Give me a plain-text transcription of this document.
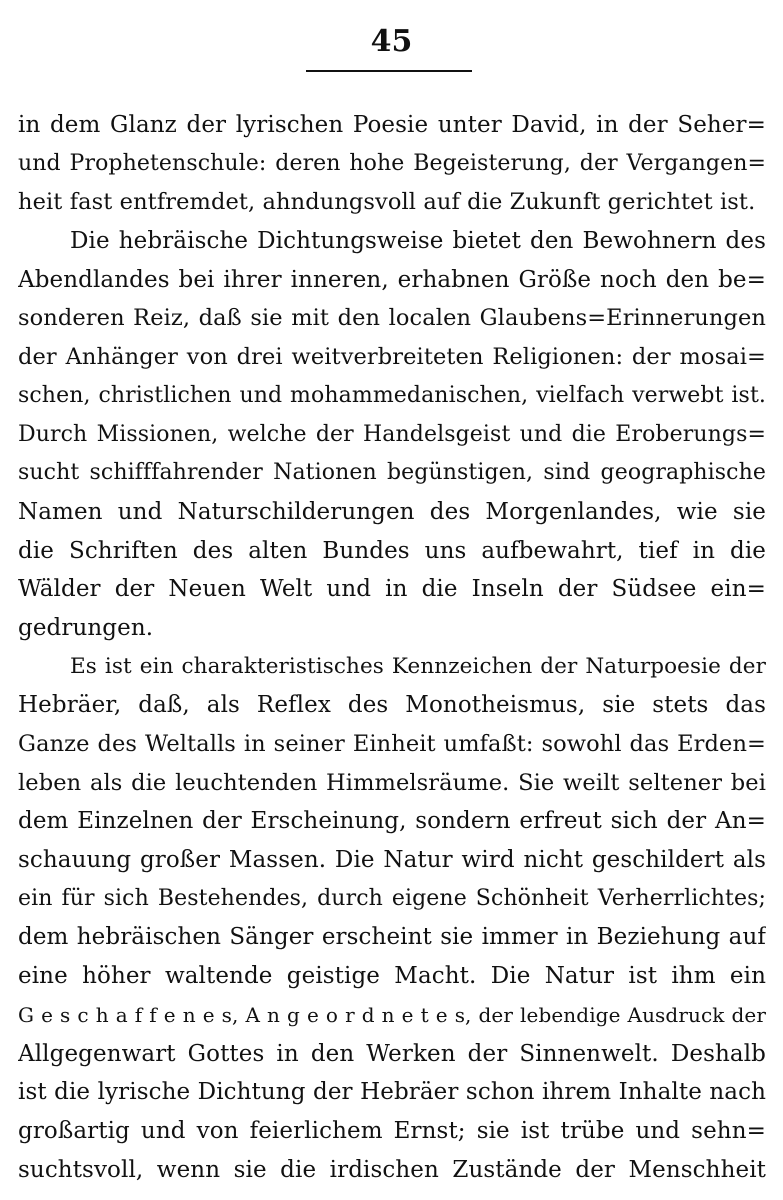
45
in dem Glanz der lyrischen Poesie unter David, in der Seher=
und Prophetenschule: deren hohe Begeisterung, der Vergangen=
heit fast entfremdet, ahndungsvoll auf die Zukunft gerichtet ist.
Die hebräische Dichtungsweise bietet den Bewohnern des
Abendlandes bei ihrer inneren, erhabnen Größe noch den be=
sonderen Reiz, daß sie mit den localen Glaubens=Erinnerungen
der Anhänger von drei weitverbreiteten Religionen: der mosai=
schen, christlichen und mohammedanischen, vielfach verwebt ist.
Durch Missionen, welche der Handelsgeist und die Eroberungs=
sucht schifffahrender Nationen begünstigen, sind geographische
Namen und Naturschilderungen des Morgenlandes, wie sie
die Schriften des alten Bundes uns aufbewahrt, tief in die
Wälder der Neuen Welt und in die Inseln der Südsee ein=
gedrungen.
Es ist ein charakteristisches Kennzeichen der Naturpoesie der
Hebräer, daß, als Reflex des Monotheismus, sie stets das
Ganze des Weltalls in seiner Einheit umfaßt: sowohl das Erden=
leben als die leuchtenden Himmelsräume. Sie weilt seltener bei
dem Einzelnen der Erscheinung, sondern erfreut sich der An=
schauung großer Massen. Die Natur wird nicht geschildert als
ein für sich Bestehendes, durch eigene Schönheit Verherrlichtes;
dem hebräischen Sänger erscheint sie immer in Beziehung auf
eine höher waltende geistige Macht. Die Natur ist ihm ein
G e s c h a f f e n e s, A n g e o r d n e t e s, der lebendige Ausdruck der
Allgegenwart Gottes in den Werken der Sinnenwelt. Deshalb
ist die lyrische Dichtung der Hebräer schon ihrem Inhalte nach
großartig und von feierlichem Ernst; sie ist trübe und sehn=
suchtsvoll, wenn sie die irdischen Zustände der Menschheit
